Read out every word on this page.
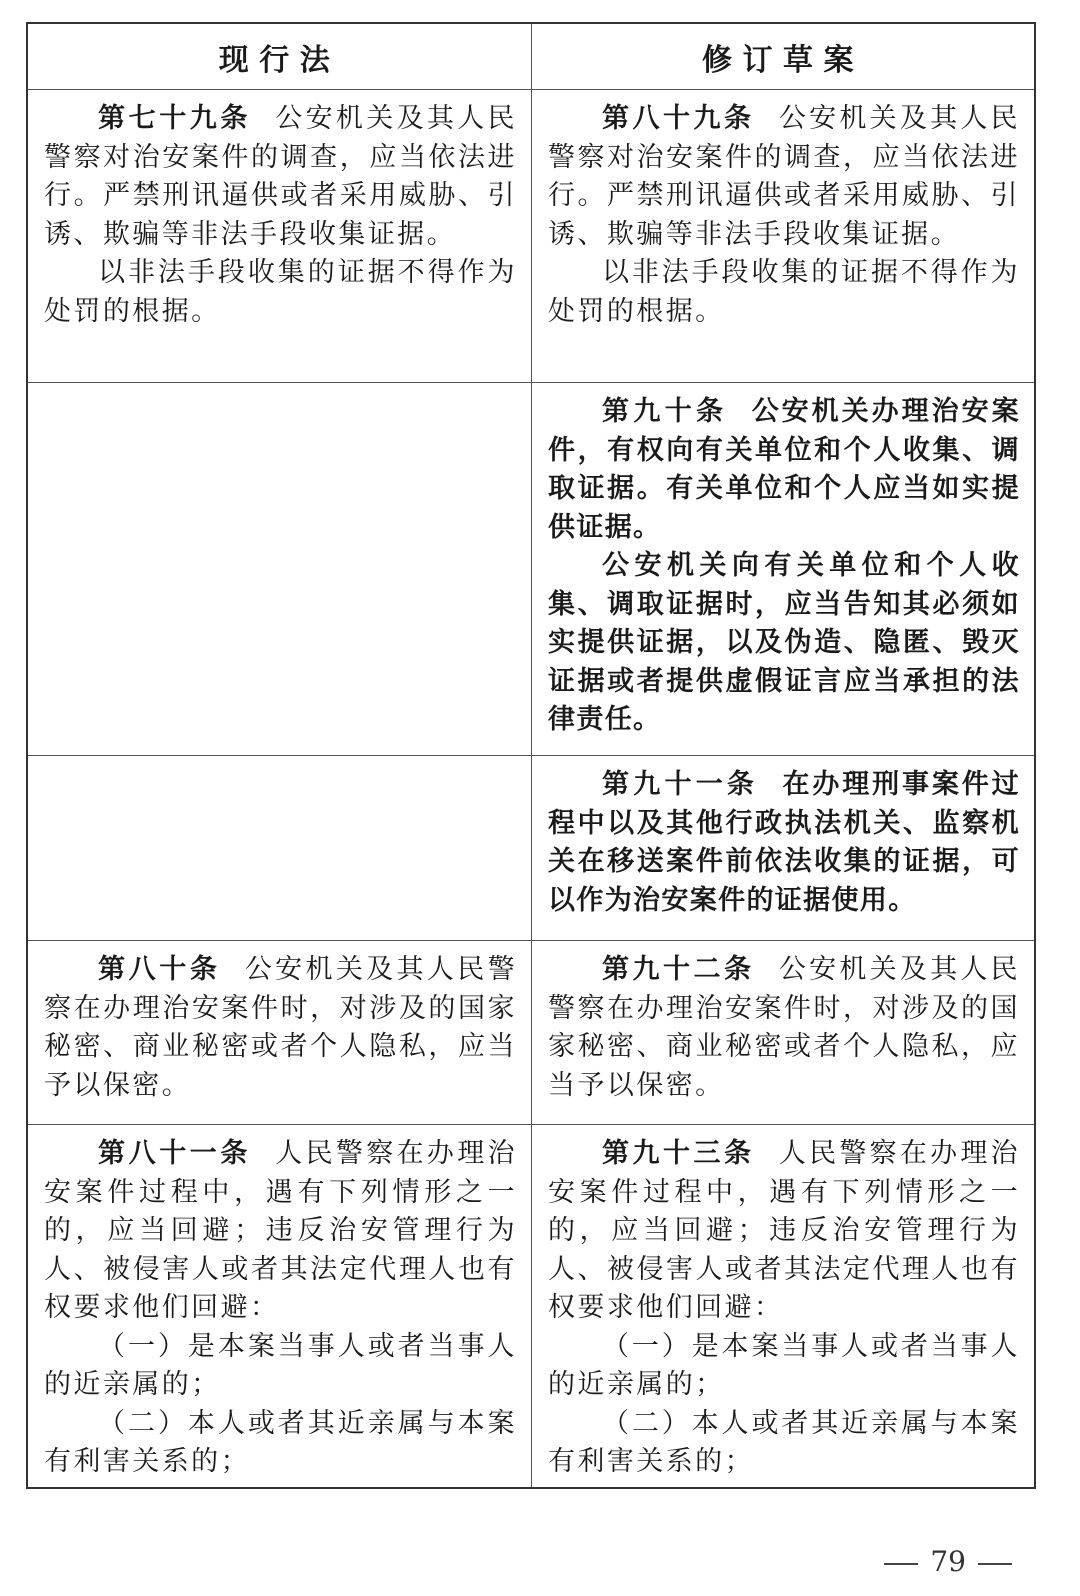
现行法	修订草案

第七十九条 公安机关及其人民警察对治安案件的调查，应当依法进行。严禁刑讯逼供或者采用威胁、引诱、欺骗等非法手段收集证据。

以非法手段收集的证据不得作为处罚的根据。

第八十九条 公安机关及其人民警察对治安案件的调查，应当依法进行。严禁刑讯逼供或者采用威胁、引诱、欺骗等非法手段收集证据。

以非法手段收集的证据不得作为处罚的根据。

第九十条 公安机关办理治安案件，有权向有关单位和个人收集、调取证据。有关单位和个人应当如实提供证据。

公安机关向有关单位和个人收集、调取证据时，应当告知其必须如实提供证据，以及伪造、隐匿、毁灭证据或者提供虚假证言应当承担的法律责任。

第九十一条 在办理刑事案件过程中以及其他行政执法机关、监察机关在移送案件前依法收集的证据，可以作为治安案件的证据使用。

第八十条 公安机关及其人民警察在办理治安案件时，对涉及的国家秘密、商业秘密或者个人隐私，应当予以保密。

第九十二条 公安机关及其人民警察在办理治安案件时，对涉及的国家秘密、商业秘密或者个人隐私，应当予以保密。

第八十一条 人民警察在办理治安案件过程中，遇有下列情形之一的，应当回避；违反治安管理行为人、被侵害人或者其法定代理人也有权要求他们回避：

（一）是本案当事人或者当事人的近亲属的；

（二）本人或者其近亲属与本案有利害关系的；

第九十三条 人民警察在办理治安案件过程中，遇有下列情形之一的，应当回避；违反治安管理行为人、被侵害人或者其法定代理人也有权要求他们回避：

（一）是本案当事人或者当事人的近亲属的；

（二）本人或者其近亲属与本案有利害关系的；

79
